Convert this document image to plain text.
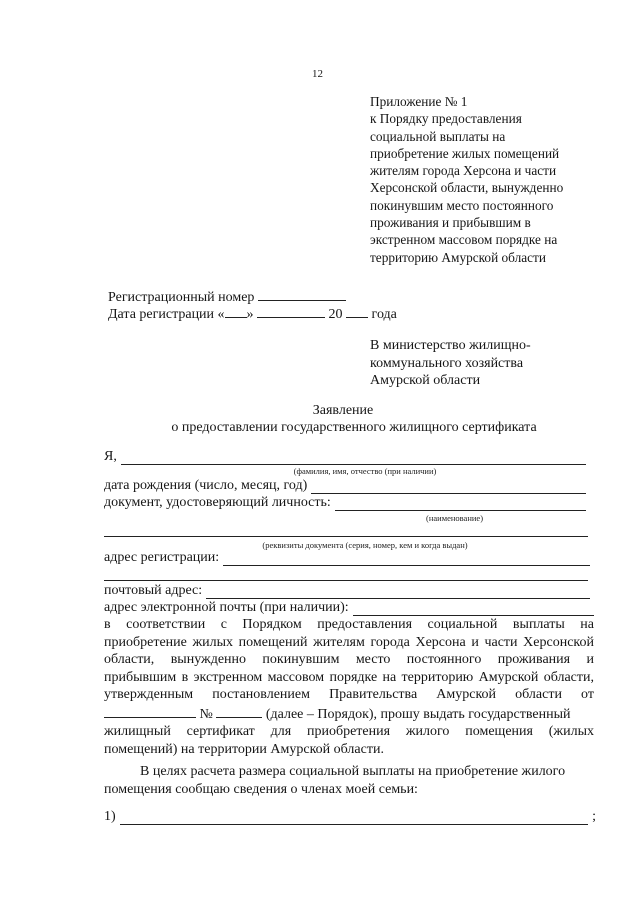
12
Приложение № 1
к Порядку предоставления
социальной выплаты на
приобретение жилых помещений
жителям города Херсона и части
Херсонской области, вынужденно
покинувшим место постоянного
проживания и прибывшим в
экстренном массовом порядке на
территорию Амурской области
Регистрационный номер
Дата регистрации « »	20 года
В министерство жилищно-
коммунального хозяйства
Амурской области
Заявление
о предоставлении государственного жилищного сертификата
Я,
(фамилия, имя, отчество (при наличии)
дата рождения (число, месяц, год)
документ, удостоверяющий личность:
(наименование)
(реквизиты документа (серия, номер, кем и когда выдан)
адрес регистрации:
почтовый адрес:
адрес электронной почты (при наличии):
в соответствии с Порядком предоставления социальной выплаты на
приобретение жилых помещений жителям города Херсона и части Херсонской
области, вынужденно покинувшим место постоянного проживания и
прибывшим в экстренном массовом порядке на территорию Амурской области,
утвержденным постановлением Правительства Амурской области от
№	(далее – Порядок), прошу выдать государственный
жилищный сертификат для приобретения жилого помещения (жилых
помещений) на территории Амурской области.
В целях расчета размера социальной выплаты на приобретение жилого
помещения сообщаю сведения о членах моей семьи:
1)	;
